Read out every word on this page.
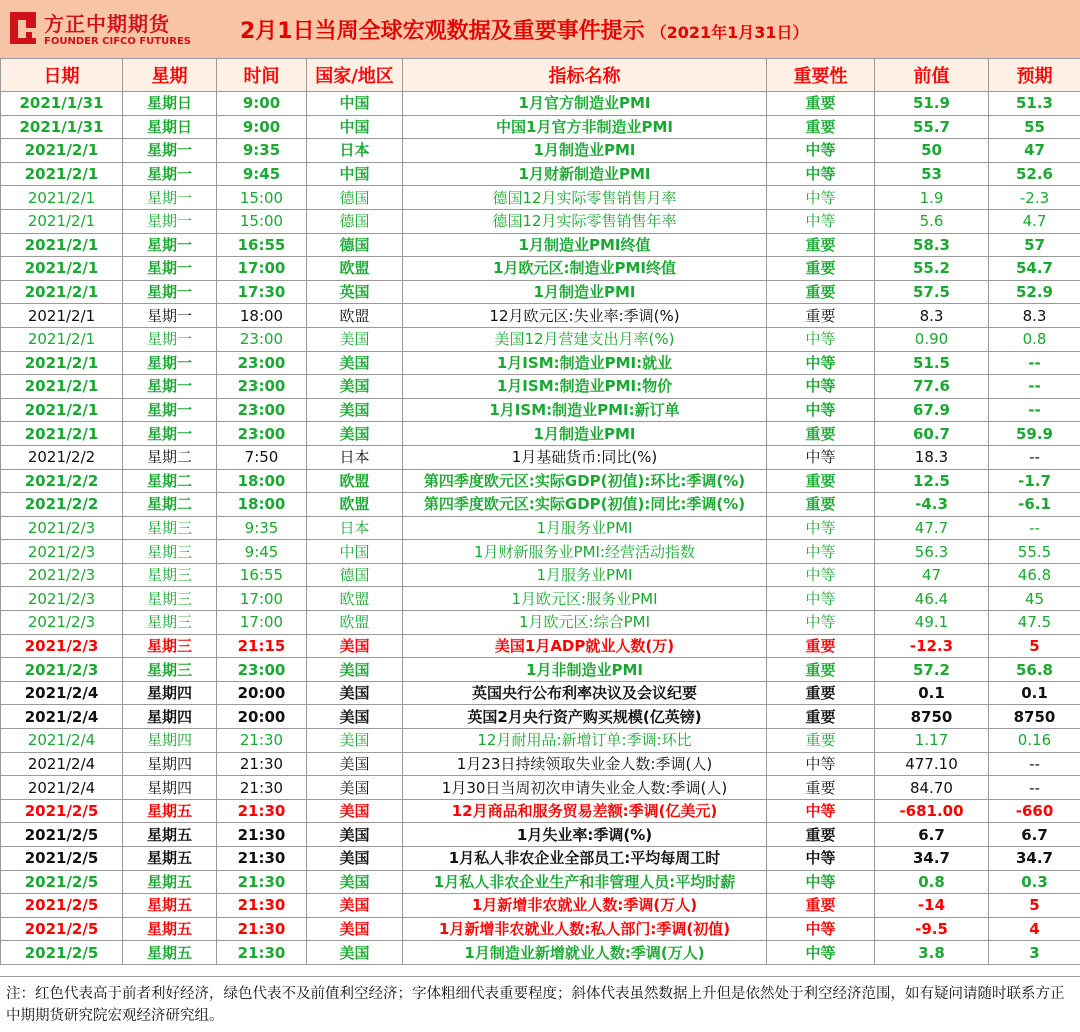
方正中期期货
FOUNDER CIFCO FUTURES 2月1日当周全球宏观数据及重要事件提示 （2021年1月31日）
日期	星期	时间	国家/地区	指标名称	重要性	前值	预期
2021/1/31	星期日	9:00	中国	1月官方制造业PMI	重要	51.9	51.3
2021/1/31	星期日	9:00	中国	中国1月官方非制造业PMI	重要	55.7	55
2021/2/1	星期一	9:35	日本	1月制造业PMI	中等	50	47
2021/2/1	星期一	9:45	中国	1月财新制造业PMI	中等	53	52.6
2021/2/1	星期一	15:00	德国	德国12月实际零售销售月率	中等	1.9	-2.3
2021/2/1	星期一	15:00	德国	德国12月实际零售销售年率	中等	5.6	4.7
2021/2/1	星期一	16:55	德国	1月制造业PMI终值	重要	58.3	57
2021/2/1	星期一	17:00	欧盟	1月欧元区:制造业PMI终值	重要	55.2	54.7
2021/2/1	星期一	17:30	英国	1月制造业PMI	重要	57.5	52.9
2021/2/1	星期一	18:00	欧盟	12月欧元区:失业率:季调(%)	重要	8.3	8.3
2021/2/1	星期一	23:00	美国	美国12月营建支出月率(%)	中等	0.90	0.8
2021/2/1	星期一	23:00	美国	1月ISM:制造业PMI:就业	中等	51.5	--
2021/2/1	星期一	23:00	美国	1月ISM:制造业PMI:物价	中等	77.6	--
2021/2/1	星期一	23:00	美国	1月ISM:制造业PMI:新订单	中等	67.9	--
2021/2/1	星期一	23:00	美国	1月制造业PMI	重要	60.7	59.9
2021/2/2	星期二	7:50	日本	1月基础货币:同比(%)	中等	18.3	--
2021/2/2	星期二	18:00	欧盟	第四季度欧元区:实际GDP(初值):环比:季调(%)	重要	12.5	-1.7
2021/2/2	星期二	18:00	欧盟	第四季度欧元区:实际GDP(初值):同比:季调(%)	重要	-4.3	-6.1
2021/2/3	星期三	9:35	日本	1月服务业PMI	中等	47.7	--
2021/2/3	星期三	9:45	中国	1月财新服务业PMI:经营活动指数	中等	56.3	55.5
2021/2/3	星期三	16:55	德国	1月服务业PMI	中等	47	46.8
2021/2/3	星期三	17:00	欧盟	1月欧元区:服务业PMI	中等	46.4	45
2021/2/3	星期三	17:00	欧盟	1月欧元区:综合PMI	中等	49.1	47.5
2021/2/3	星期三	21:15	美国	美国1月ADP就业人数(万)	重要	-12.3	5
2021/2/3	星期三	23:00	美国	1月非制造业PMI	重要	57.2	56.8
2021/2/4	星期四	20:00	美国	英国央行公布利率决议及会议纪要	重要	0.1	0.1
2021/2/4	星期四	20:00	美国	英国2月央行资产购买规模(亿英镑)	重要	8750	8750
2021/2/4	星期四	21:30	美国	12月耐用品:新增订单:季调:环比	重要	1.17	0.16
2021/2/4	星期四	21:30	美国	1月23日持续领取失业金人数:季调(人)	中等	477.10	--
2021/2/4	星期四	21:30	美国	1月30日当周初次申请失业金人数:季调(人)	重要	84.70	--
2021/2/5	星期五	21:30	美国	12月商品和服务贸易差额:季调(亿美元)	中等	-681.00	-660
2021/2/5	星期五	21:30	美国	1月失业率:季调(%)	重要	6.7	6.7
2021/2/5	星期五	21:30	美国	1月私人非农企业全部员工:平均每周工时	中等	34.7	34.7
2021/2/5	星期五	21:30	美国	1月私人非农企业生产和非管理人员:平均时薪	中等	0.8	0.3
2021/2/5	星期五	21:30	美国	1月新增非农就业人数:季调(万人)	重要	-14	5
2021/2/5	星期五	21:30	美国	1月新增非农就业人数:私人部门:季调(初值)	中等	-9.5	4
2021/2/5	星期五	21:30	美国	1月制造业新增就业人数:季调(万人)	中等	3.8	3
注：红色代表高于前者利好经济，绿色代表不及前值利空经济；字体粗细代表重要程度；斜体代表虽然数据上升但是依然处于利空经济范围，如有疑问请随时联系方正中期期货研究院宏观经济研究组。
